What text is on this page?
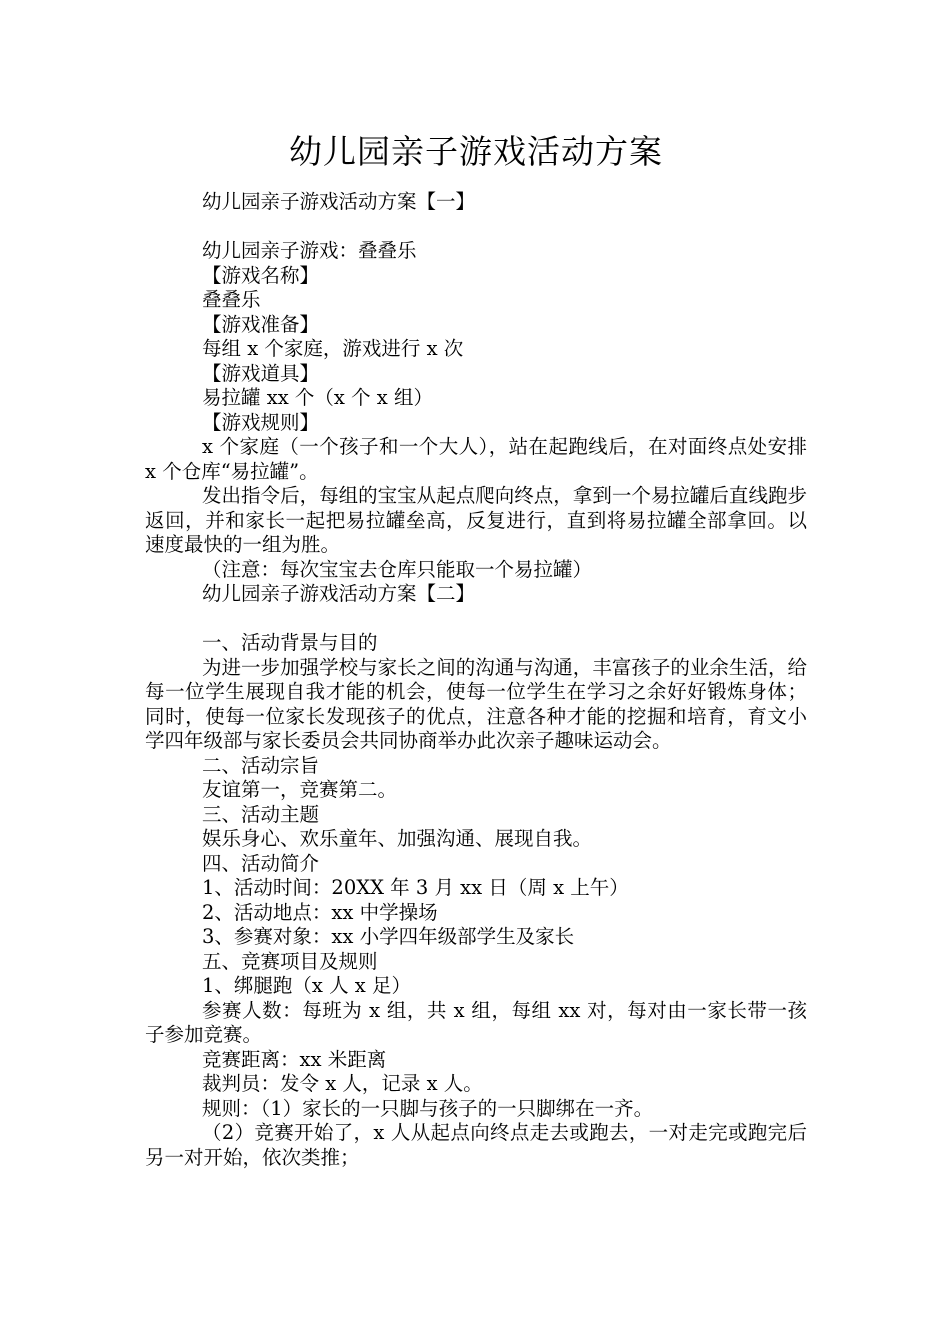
幼儿园亲子游戏活动方案

幼儿园亲子游戏活动方案【一】

幼儿园亲子游戏：叠叠乐

【游戏名称】

叠叠乐

【游戏准备】

每组 x 个家庭，游戏进行 x 次

【游戏道具】

易拉罐 xx 个（x 个 x 组）

【游戏规则】

x 个家庭（一个孩子和一个大人），站在起跑线后，在对面终点处安排 x 个仓库“易拉罐”。

发出指令后，每组的宝宝从起点爬向终点，拿到一个易拉罐后直线跑步返回，并和家长一起把易拉罐垒高，反复进行，直到将易拉罐全部拿回。以速度最快的一组为胜。

（注意：每次宝宝去仓库只能取一个易拉罐）

幼儿园亲子游戏活动方案【二】

一、活动背景与目的

为进一步加强学校与家长之间的沟通与沟通，丰富孩子的业余生活，给每一位学生展现自我才能的机会，使每一位学生在学习之余好好锻炼身体；同时，使每一位家长发现孩子的优点，注意各种才能的挖掘和培育，育文小学四年级部与家长委员会共同协商举办此次亲子趣味运动会。

二、活动宗旨

友谊第一，竞赛第二。

三、活动主题

娱乐身心、欢乐童年、加强沟通、展现自我。

四、活动简介

1、活动时间：20XX 年 3 月 xx 日（周 x 上午）

2、活动地点：xx 中学操场

3、参赛对象：xx 小学四年级部学生及家长

五、竞赛项目及规则

1、绑腿跑（x 人 x 足）

参赛人数：每班为 x 组，共 x 组，每组 xx 对，每对由一家长带一孩子参加竞赛。

竞赛距离：xx 米距离

裁判员：发令 x 人，记录 x 人。

规则：（1）家长的一只脚与孩子的一只脚绑在一齐。

（2）竞赛开始了，x 人从起点向终点走去或跑去，一对走完或跑完后另一对开始，依次类推；
